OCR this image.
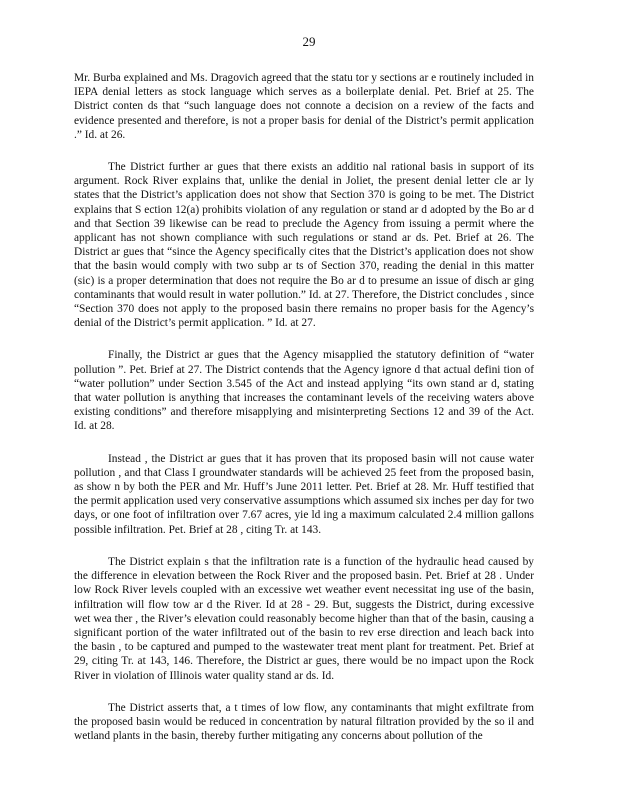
29

Mr. Burba explained and Ms. Dragovich agreed that the statu tor y sections ar e routinely included in IEPA denial letters as stock language which serves as a boilerplate denial. Pet. Brief at 25. The District conten ds that “such language does not connote a decision on a review of the facts and evidence presented and therefore, is not a proper basis for denial of the District’s permit application .” Id. at 26.

The District further ar gues that there exists an additio nal rational basis in support of its argument. Rock River explains that, unlike the denial in Joliet, the present denial letter cle ar ly states that the District’s application does not show that Section 370 is going to be met. The District explains that S ection 12(a) prohibits violation of any regulation or stand ar d adopted by the Bo ar d and that Section 39 likewise can be read to preclude the Agency from issuing a permit where the applicant has not shown compliance with such regulations or stand ar ds. Pet. Brief at 26. The District ar gues that “since the Agency specifically cites that the District’s application does not show that the basin would comply with two subp ar ts of Section 370, reading the denial in this matter (sic) is a proper determination that does not require the Bo ar d to presume an issue of disch ar ging contaminants that would result in water pollution.” Id. at 27. Therefore, the District concludes , since “Section 370 does not apply to the proposed basin there remains no proper basis for the Agency’s denial of the District’s permit application. ” Id. at 27.

Finally, the District ar gues that the Agency misapplied the statutory definition of “water pollution ”. Pet. Brief at 27. The District contends that the Agency ignore d that actual defini tion of “water pollution” under Section 3.545 of the Act and instead applying “its own stand ar d, stating that water pollution is anything that increases the contaminant levels of the receiving waters above existing conditions” and therefore misapplying and misinterpreting Sections 12 and 39 of the Act. Id. at 28.

Instead , the District ar gues that it has proven that its proposed basin will not cause water pollution , and that Class I groundwater standards will be achieved 25 feet from the proposed basin, as show n by both the PER and Mr. Huff’s June 2011 letter. Pet. Brief at 28. Mr. Huff testified that the permit application used very conservative assumptions which assumed six inches per day for two days, or one foot of infiltration over 7.67 acres, yie ld ing a maximum calculated 2.4 million gallons possible infiltration. Pet. Brief at 28 , citing Tr. at 143.

The District explain s that the infiltration rate is a function of the hydraulic head caused by the difference in elevation between the Rock River and the proposed basin. Pet. Brief at 28 . Under low Rock River levels coupled with an excessive wet weather event necessitat ing use of the basin, infiltration will flow tow ar d the River. Id at 28 - 29. But, suggests the District, during excessive wet wea ther , the River’s elevation could reasonably become higher than that of the basin, causing a significant portion of the water infiltrated out of the basin to rev erse direction and leach back into the basin , to be captured and pumped to the wastewater treat ment plant for treatment. Pet. Brief at 29, citing Tr. at 143, 146. Therefore, the District ar gues, there would be no impact upon the Rock River in violation of Illinois water quality stand ar ds. Id.

The District asserts that, a t times of low flow, any contaminants that might exfiltrate from the proposed basin would be reduced in concentration by natural filtration provided by the so il and wetland plants in the basin, thereby further mitigating any concerns about pollution of the
